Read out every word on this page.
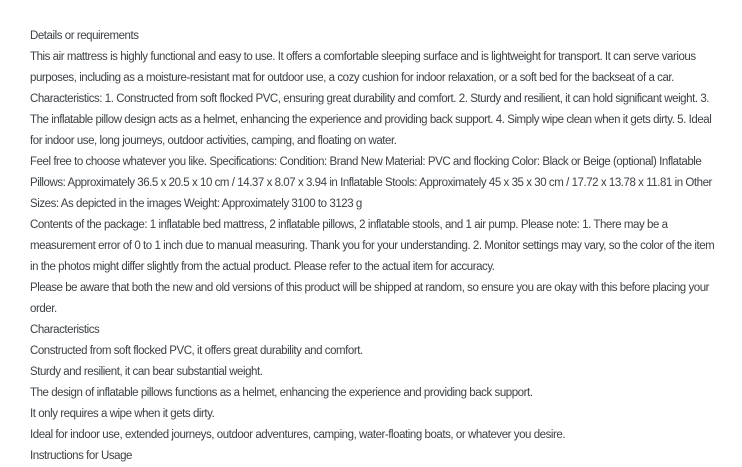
Details or requirements

This air mattress is highly functional and easy to use. It offers a comfortable sleeping surface and is lightweight for transport. It can serve various purposes, including as a moisture-resistant mat for outdoor use, a cozy cushion for indoor relaxation, or a soft bed for the backseat of a car.

Characteristics: 1. Constructed from soft flocked PVC, ensuring great durability and comfort. 2. Sturdy and resilient, it can hold significant weight. 3. The inflatable pillow design acts as a helmet, enhancing the experience and providing back support. 4. Simply wipe clean when it gets dirty. 5. Ideal for indoor use, long journeys, outdoor activities, camping, and floating on water.

Feel free to choose whatever you like. Specifications: Condition: Brand New Material: PVC and flocking Color: Black or Beige (optional) Inflatable Pillows: Approximately 36.5 x 20.5 x 10 cm / 14.37 x 8.07 x 3.94 in Inflatable Stools: Approximately 45 x 35 x 30 cm / 17.72 x 13.78 x 11.81 in Other Sizes: As depicted in the images Weight: Approximately 3100 to 3123 g

Contents of the package: 1 inflatable bed mattress, 2 inflatable pillows, 2 inflatable stools, and 1 air pump. Please note: 1. There may be a measurement error of 0 to 1 inch due to manual measuring. Thank you for your understanding. 2. Monitor settings may vary, so the color of the item in the photos might differ slightly from the actual product. Please refer to the actual item for accuracy.

Please be aware that both the new and old versions of this product will be shipped at random, so ensure you are okay with this before placing your order.

Characteristics

Constructed from soft flocked PVC, it offers great durability and comfort.

Sturdy and resilient, it can bear substantial weight.

The design of inflatable pillows functions as a helmet, enhancing the experience and providing back support.

It only requires a wipe when it gets dirty.

Ideal for indoor use, extended journeys, outdoor adventures, camping, water-floating boats, or whatever you desire.

Instructions for Usage
